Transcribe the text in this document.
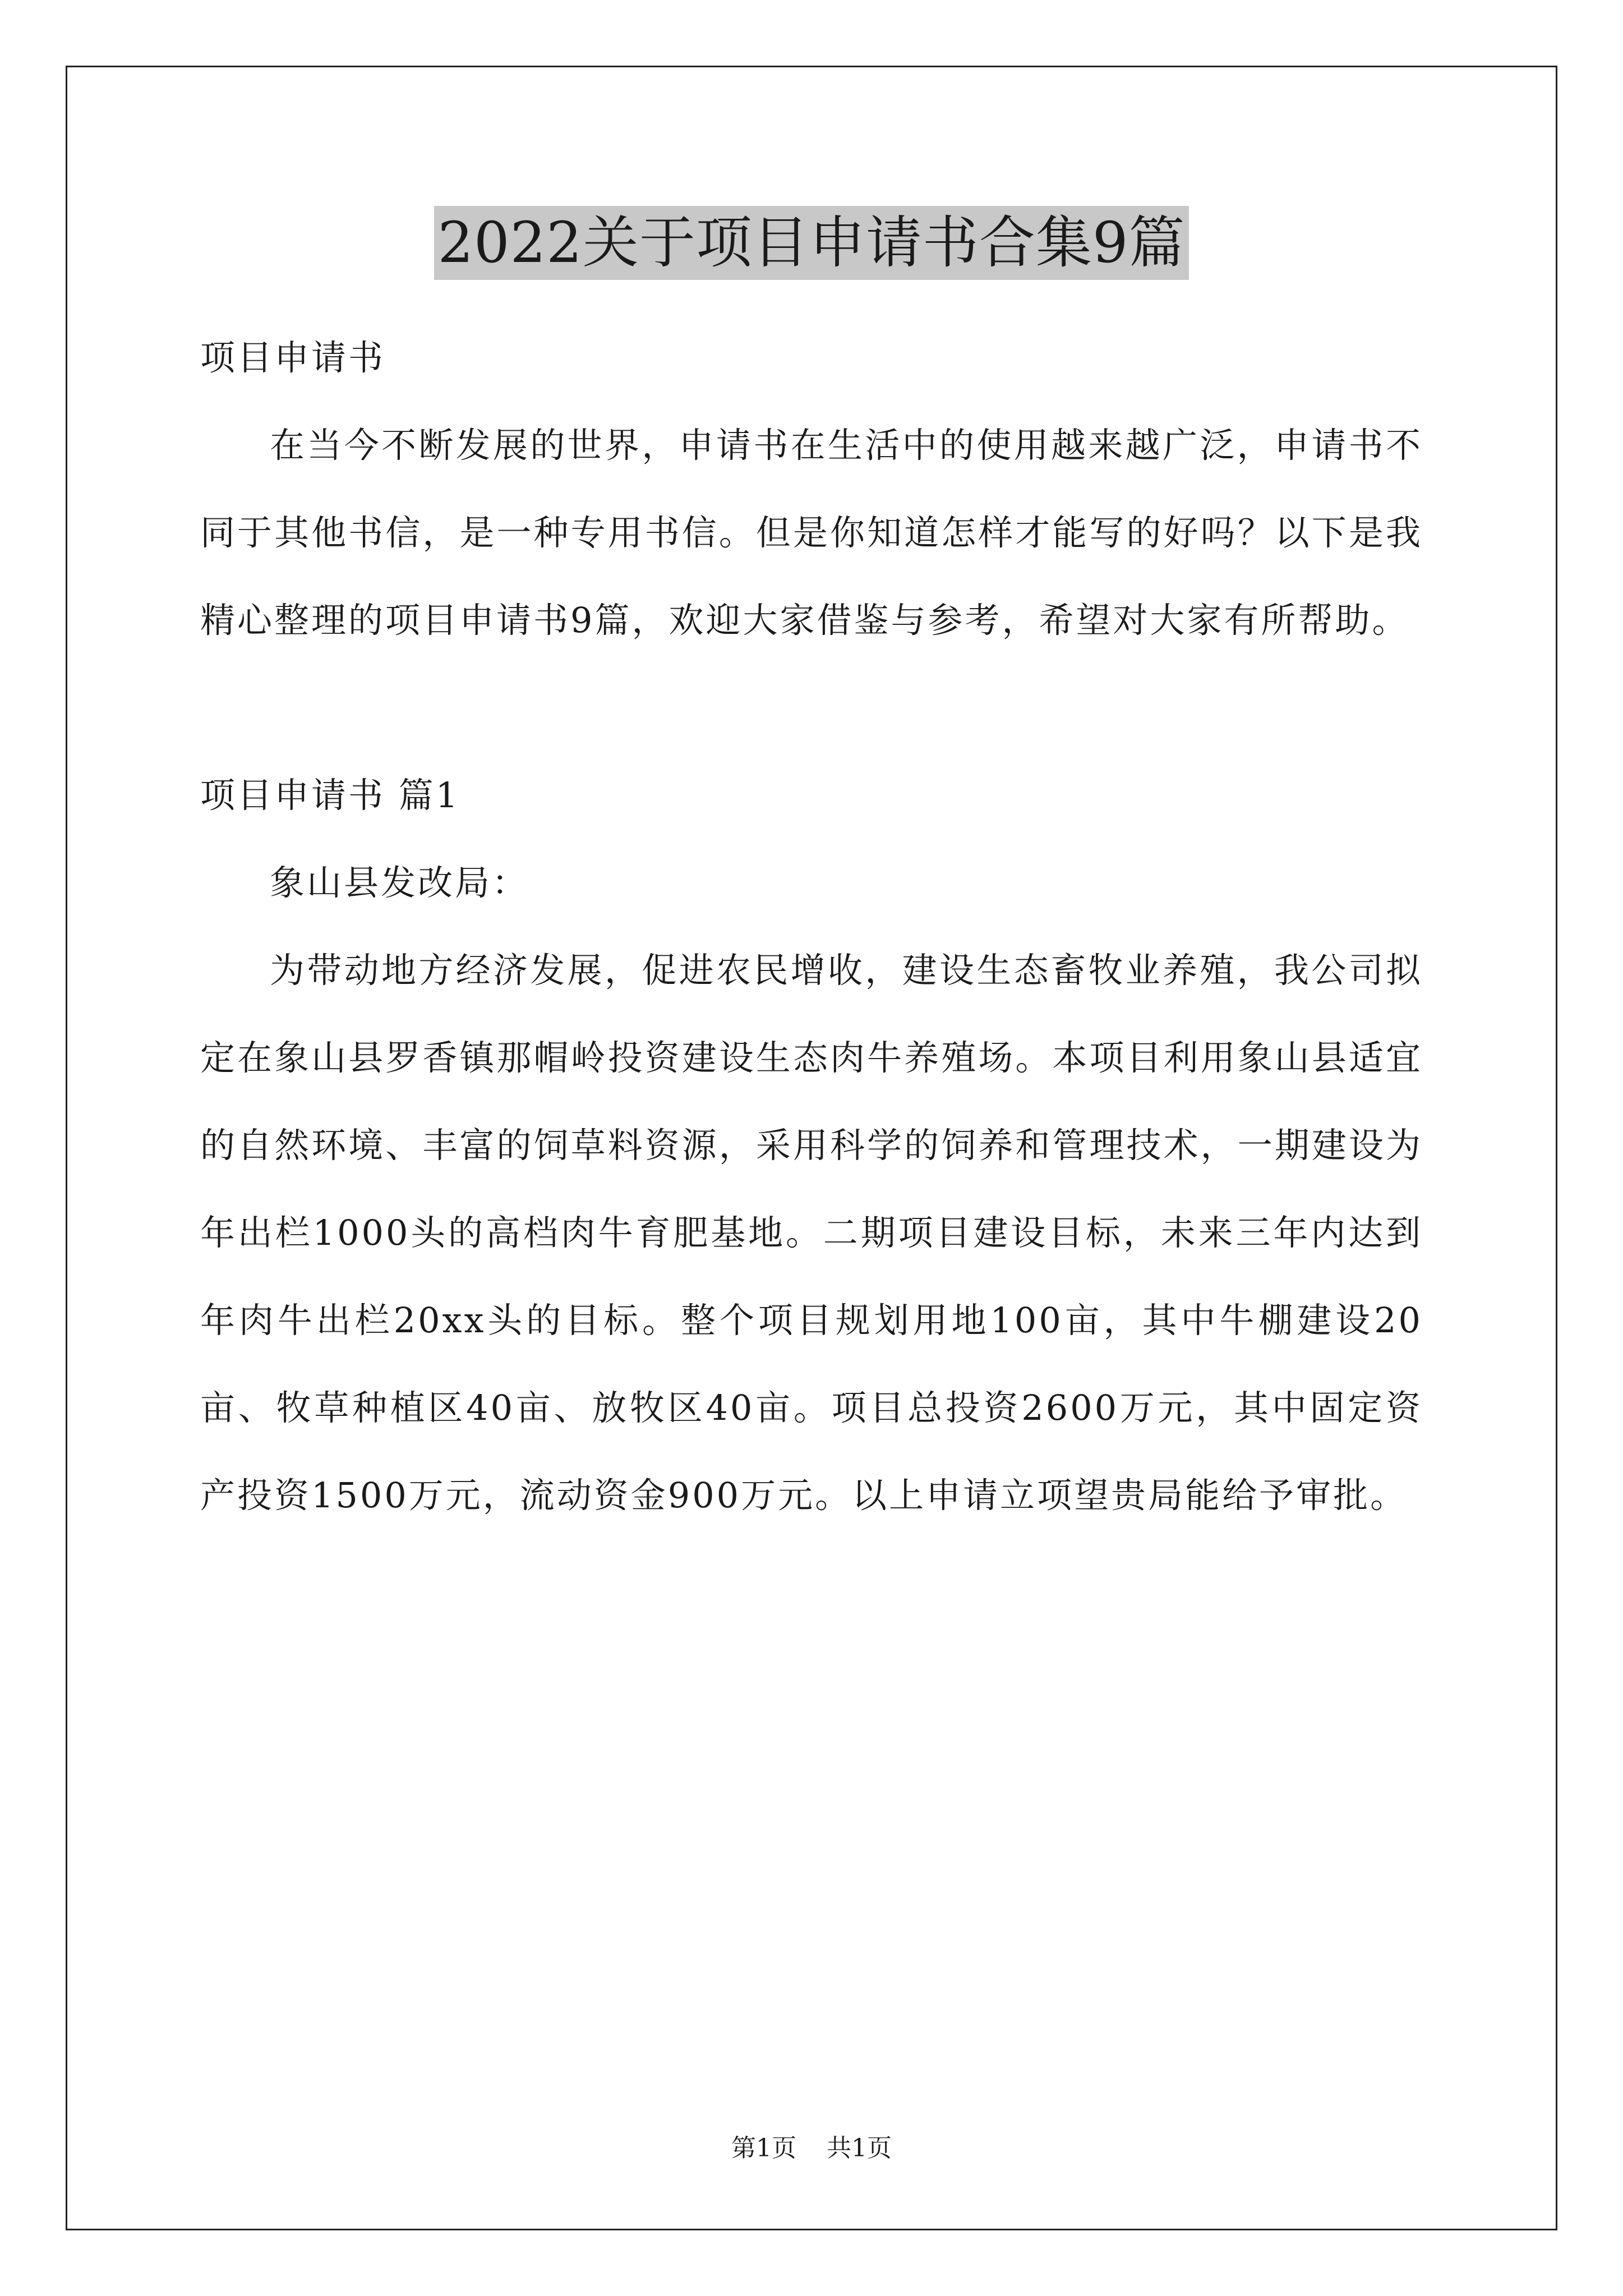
2022关于项目申请书合集9篇

项目申请书

在当今不断发展的世界，申请书在生活中的使用越来越广泛，申请书不同于其他书信，是一种专用书信。但是你知道怎样才能写的好吗？以下是我精心整理的项目申请书9篇，欢迎大家借鉴与参考，希望对大家有所帮助。

项目申请书 篇1

象山县发改局：

为带动地方经济发展，促进农民增收，建设生态畜牧业养殖，我公司拟定在象山县罗香镇那帽岭投资建设生态肉牛养殖场。本项目利用象山县适宜的自然环境、丰富的饲草料资源，采用科学的饲养和管理技术，一期建设为年出栏1000头的高档肉牛育肥基地。二期项目建设目标，未来三年内达到年肉牛出栏20xx头的目标。整个项目规划用地100亩，其中牛棚建设20亩、牧草种植区40亩、放牧区40亩。项目总投资2600万元，其中固定资产投资1500万元，流动资金900万元。以上申请立项望贵局能给予审批。

第1页 共1页
